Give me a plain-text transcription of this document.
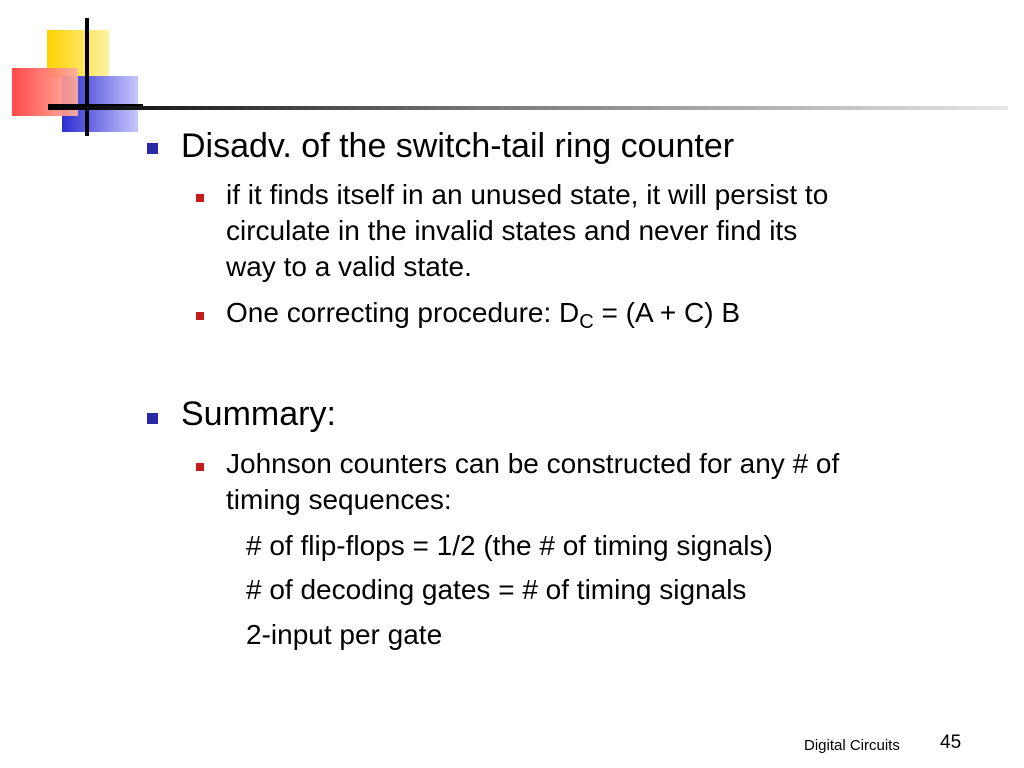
Disadv. of the switch-tail ring counter
if it finds itself in an unused state, it will persist to
circulate in the invalid states and never find its
way to a valid state.
One correcting procedure: $D_C = (A + C)$ B
Summary:
Johnson counters can be constructed for any # of
timing sequences:
# of flip-flops = 1/2 (the # of timing signals)
# of decoding gates = # of timing signals
2-input per gate
Digital Circuits 45
